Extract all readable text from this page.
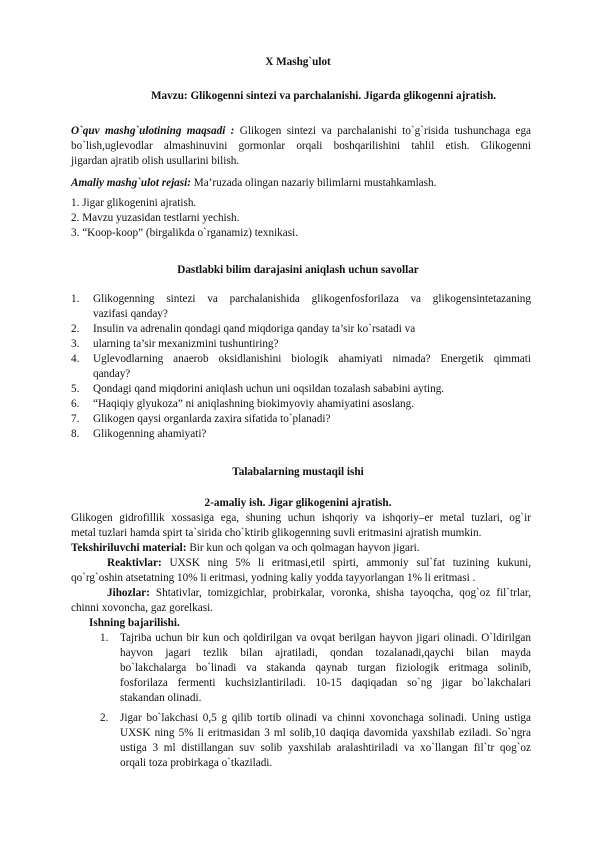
X Mashg`ulot
Mavzu: Glikogenni sintezi va parchalanishi. Jigarda glikogenni ajratish.
O`quv mashg`ulotining maqsadi : Glikogen sintezi va parchalanishi to`g`risida tushunchaga ega
bo`lish,uglevodlar almashinuvini gormonlar orqali boshqarilishini tahlil etish. Glikogenni
jigardan ajratib olish usullarini bilish.
Amaliy mashg`ulot rejasi: Ma’ruzada olingan nazariy bilimlarni mustahkamlash.
1. Jigar glikogenini ajratish.
2. Mavzu yuzasidan testlarni yechish.
3. “Koop-koop” (birgalikda o`rganamiz) texnikasi.
Dastlabki bilim darajasini aniqlash uchun savollar
1. Glikogenning sintezi va parchalanishida glikogenfosforilaza va glikogensintetazaning
vazifasi qanday?
2. Insulin va adrenalin qondagi qand miqdoriga qanday ta’sir ko`rsatadi va
3. ularning ta’sir mexanizmini tushuntiring?
4. Uglevodlarning anaerob oksidlanishini biologik ahamiyati nimada? Energetik qimmati
qanday?
5. Qondagi qand miqdorini aniqlash uchun uni oqsildan tozalash sababini ayting.
6. “Haqiqiy glyukoza” ni aniqlashning biokimyoviy ahamiyatini asoslang.
7. Glikogen qaysi organlarda zaxira sifatida to`planadi?
8. Glikogenning ahamiyati?
Talabalarning mustaqil ishi
2-amaliy ish. Jigar glikogenini ajratish.
Glikogen gidrofillik xossasiga ega, shuning uchun ishqoriy va ishqoriy–er metal tuzlari, og`ir
metal tuzlari hamda spirt ta`sirida cho`ktirib glikogenning suvli eritmasini ajratish mumkin.
Tekshiriluvchi material: Bir kun och qolgan va och qolmagan hayvon jigari.
Reaktivlar: UXSK ning 5% li eritmasi,etil spirti, ammoniy sul`fat tuzining kukuni,
qo`rg`oshin atsetatning 10% li eritmasi, yodning kaliy yodda tayyorlangan 1% li eritmasi .
Jihozlar: Shtativlar, tomizgichlar, probirkalar, voronka, shisha tayoqcha, qog`oz fil`trlar,
chinni xovoncha, gaz gorelkasi.
Ishning bajarilishi.
1. Tajriba uchun bir kun och qoldirilgan va ovqat berilgan hayvon jigari olinadi. O`ldirilgan
hayvon jagari tezlik bilan ajratiladi, qondan tozalanadi,qaychi bilan mayda
bo`lakchalarga bo`linadi va stakanda qaynab turgan fiziologik eritmaga solinib,
fosforilaza fermenti kuchsizlantiriladi. 10-15 daqiqadan so`ng jigar bo`lakchalari
stakandan olinadi.
2. Jigar bo`lakchasi 0,5 g qilib tortib olinadi va chinni xovonchaga solinadi. Uning ustiga
UXSK ning 5% li eritmasidan 3 ml solib,10 daqiqa davomida yaxshilab eziladi. So`ngra
ustiga 3 ml distillangan suv solib yaxshilab aralashtiriladi va xo`llangan fil`tr qog`oz
orqali toza probirkaga o`tkaziladi.
